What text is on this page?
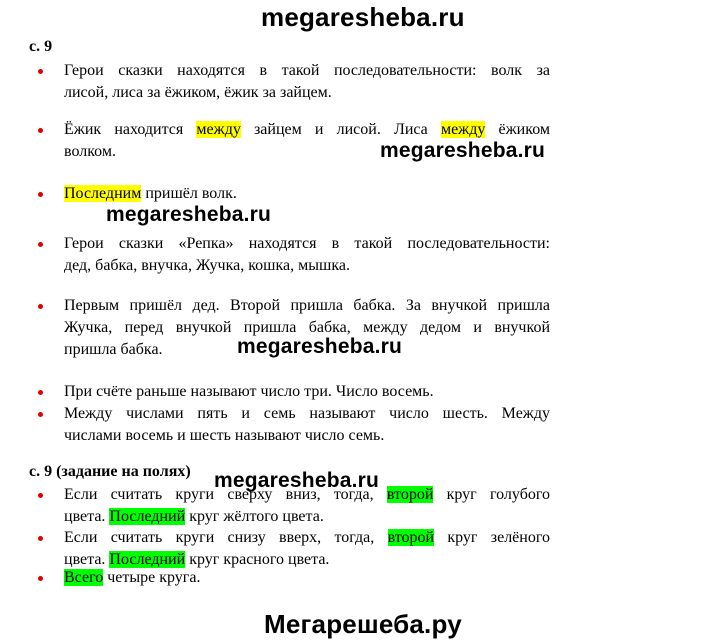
megaresheba.ru
megaresheba.ru
megaresheba.ru
megaresheba.ru
megaresheba.ru
Мегарешеба.ру
с. 9
Герои сказки находятся в такой последовательности: волк за
лисой, лиса за ёжиком, ёжик за зайцем.
Ёжик находится между зайцем и лисой. Лиса между ёжиком
волком.
Последним пришёл волк.
Герои сказки «Репка» находятся в такой последовательности:
дед, бабка, внучка, Жучка, кошка, мышка.
Первым пришёл дед. Второй пришла бабка. За внучкой пришла
Жучка, перед внучкой пришла бабка, между дедом и внучкой
пришла бабка.
При счёте раньше называют число три. Число восемь.
Между числами пять и семь называют число шесть. Между
числами восемь и шесть называют число семь.
с. 9 (задание на полях)
Если считать круги сверху вниз, тогда, второй круг голубого
цвета. Последний круг жёлтого цвета.
Если считать круги снизу вверх, тогда, второй круг зелёного
цвета. Последний круг красного цвета.
Всего четыре круга.
